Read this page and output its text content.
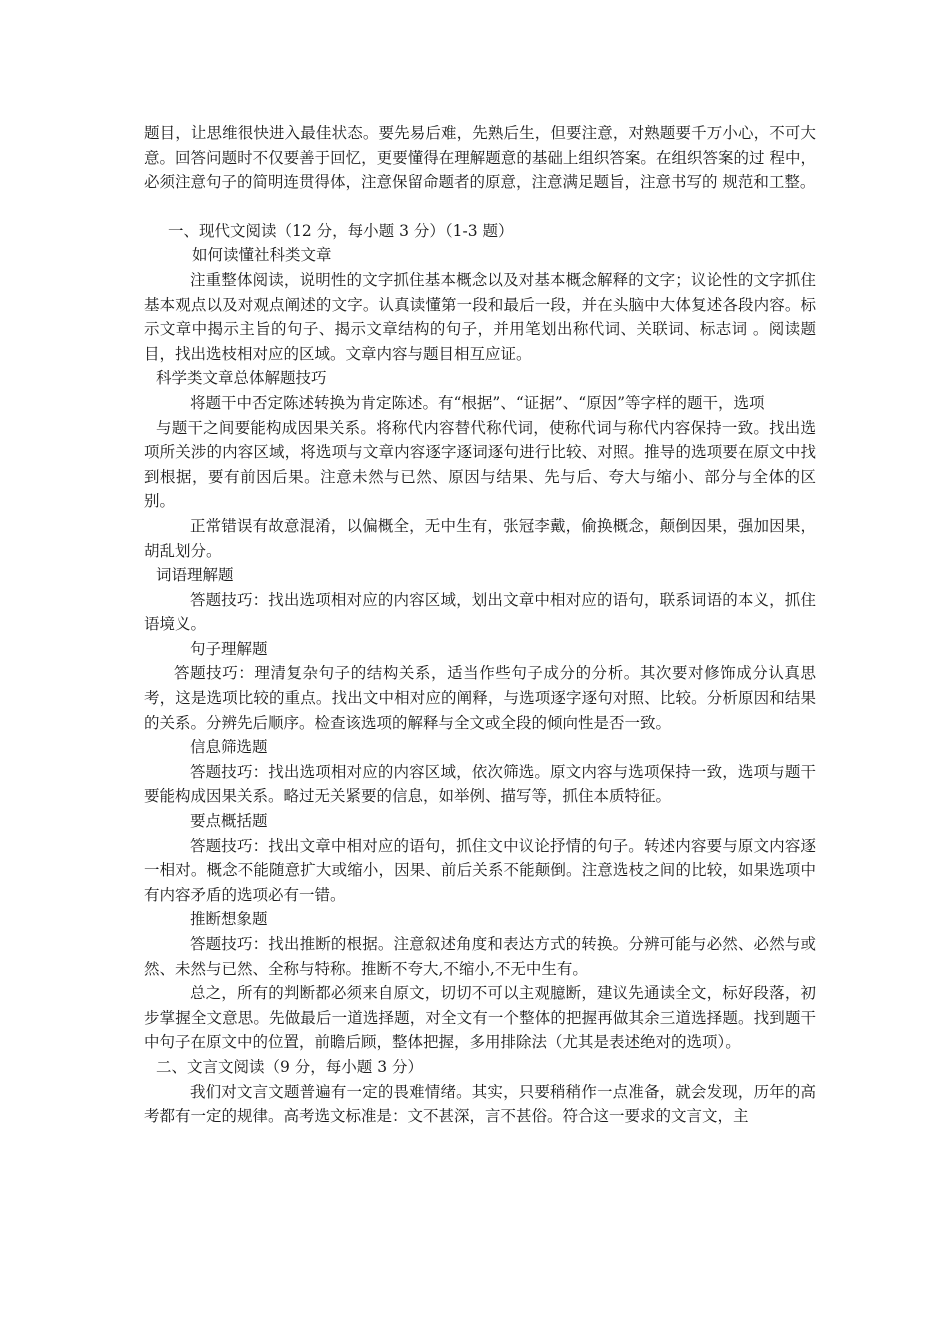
题目，让思维很快进入最佳状态。要先易后难，先熟后生，但要注意，对熟题要千万小心，不可大 意。回答问题时不仅要善于回忆，更要懂得在理解题意的基础上组织答案。在组织答案的过 程中，必须注意句子的简明连贯得体，注意保留命题者的原意，注意满足题旨，注意书写的 规范和工整。

一、现代文阅读（12 分，每小题 3 分）（1-3 题）

如何读懂社科类文章

注重整体阅读，说明性的文字抓住基本概念以及对基本概念解释的文字；议论性的文字抓住基本观点以及对观点阐述的文字。认真读懂第一段和最后一段，并在头脑中大体复述各段内容。标示文章中揭示主旨的句子、揭示文章结构的句子，并用笔划出称代词、关联词、标志词 。阅读题目，找出选枝相对应的区域。文章内容与题目相互应证。

科学类文章总体解题技巧

将题干中否定陈述转换为肯定陈述。有“根据”、“证据”、“原因”等字样的题干，选项

与题干之间要能构成因果关系。将称代内容替代称代词，使称代词与称代内容保持一致。找出选项所关涉的内容区域，将选项与文章内容逐字逐词逐句进行比较、对照。推导的选项要在原文中找到根据，要有前因后果。注意未然与已然、原因与结果、先与后、夸大与缩小、部分与全体的区别。

正常错误有故意混淆，以偏概全，无中生有，张冠李戴，偷换概念，颠倒因果，强加因果，胡乱划分。

词语理解题

答题技巧：找出选项相对应的内容区域，划出文章中相对应的语句，联系词语的本义，抓住语境义。

句子理解题

答题技巧：理清复杂句子的结构关系，适当作些句子成分的分析。其次要对修饰成分认真思考，这是选项比较的重点。找出文中相对应的阐释，与选项逐字逐句对照、比较。分析原因和结果的关系。分辨先后顺序。检查该选项的解释与全文或全段的倾向性是否一致。

信息筛选题

答题技巧：找出选项相对应的内容区域，依次筛选。原文内容与选项保持一致，选项与题干要能构成因果关系。略过无关紧要的信息，如举例、描写等，抓住本质特征。

要点概括题

答题技巧：找出文章中相对应的语句，抓住文中议论抒情的句子。转述内容要与原文内容逐一相对。概念不能随意扩大或缩小，因果、前后关系不能颠倒。注意选枝之间的比较，如果选项中有内容矛盾的选项必有一错。

推断想象题

答题技巧：找出推断的根据。注意叙述角度和表达方式的转换。分辨可能与必然、必然与或 然、未然与已然、全称与特称。推断不夸大,不缩小,不无中生有。

总之，所有的判断都必须来自原文，切切不可以主观臆断，建议先通读全文，标好段落，初步掌握全文意思。先做最后一道选择题，对全文有一个整体的把握再做其余三道选择题。找到题干中句子在原文中的位置，前瞻后顾，整体把握，多用排除法（尤其是表述绝对的选项）。

二、文言文阅读（9 分，每小题 3 分）

我们对文言文题普遍有一定的畏难情绪。其实，只要稍稍作一点准备，就会发现，历年的高 考都有一定的规律。高考选文标准是：文不甚深，言不甚俗。符合这一要求的文言文，主
